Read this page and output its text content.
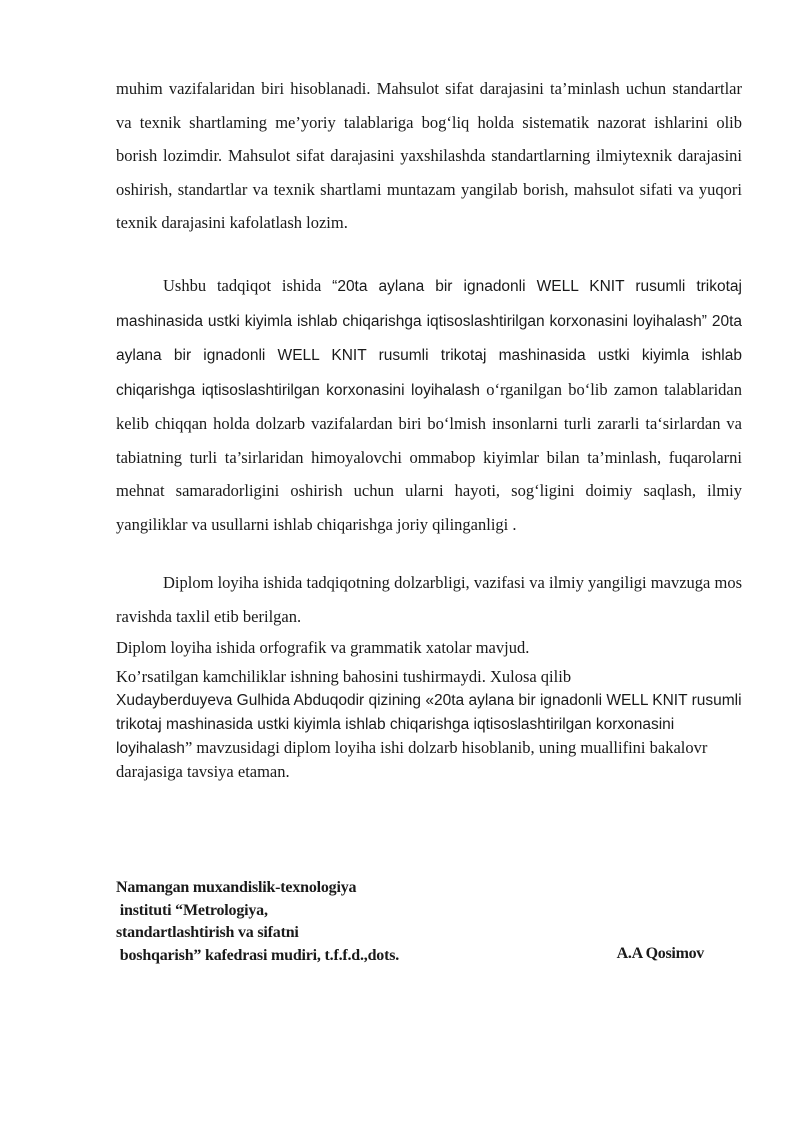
muhim vazifalaridan biri hisoblanadi. Mahsulot sifat darajasini ta’minlash uchun standartlar va texnik shartlaming me’yoriy talablariga bog‘liq holda sistematik nazorat ishlarini olib borish lozimdir. Mahsulot sifat darajasini yaxshilashda standartlarning ilmiytexnik darajasini oshirish, standartlar va texnik shartlami muntazam yangilab borish, mahsulot sifati va yuqori texnik darajasini kafolatlash lozim.

Ushbu tadqiqot ishida “20ta aylana bir ignadonli WELL KNIT rusumli trikotaj mashinasida ustki kiyimla ishlab chiqarishga iqtisoslashtirilgan korxonasini loyihalash” 20ta aylana bir ignadonli WELL KNIT rusumli trikotaj mashinasida ustki kiyimla ishlab chiqarishga iqtisoslashtirilgan korxonasini loyihalash o‘rganilgan bo‘lib zamon talablaridan kelib chiqqan holda dolzarb vazifalardan biri bo‘lmish insonlarni turli zararli ta‘sirlardan va tabiatning turli ta’sirlaridan himoyalovchi ommabop kiyimlar bilan ta’minlash, fuqarolarni mehnat samaradorligini oshirish uchun ularni hayoti, sog‘ligini doimiy saqlash, ilmiy yangiliklar va usullarni ishlab chiqarishga joriy qilinganligi .

Diplom loyiha ishida tadqiqotning dolzarbligi, vazifasi va ilmiy yangiligi mavzuga mos ravishda taxlil etib berilgan.

Diplom loyiha ishida orfografik va grammatik xatolar mavjud.

Ko’rsatilgan kamchiliklar ishning bahosini tushirmaydi. Xulosa qilib
Xudayberduyeva Gulhida Abduqodir qizining «20ta aylana bir ignadonli WELL KNIT rusumli trikotaj mashinasida ustki kiyimla ishlab chiqarishga iqtisoslashtirilgan korxonasini loyihalash” mavzusidagi diplom loyiha ishi dolzarb hisoblanib, uning muallifini bakalovr darajasiga tavsiya etaman.

Namangan muxandislik-texnologiya
instituti “Metrologiya,
standartlashtirish va sifatni
boshqarish” kafedrasi mudiri, t.f.f.d.,dots.	A.A Qosimov
